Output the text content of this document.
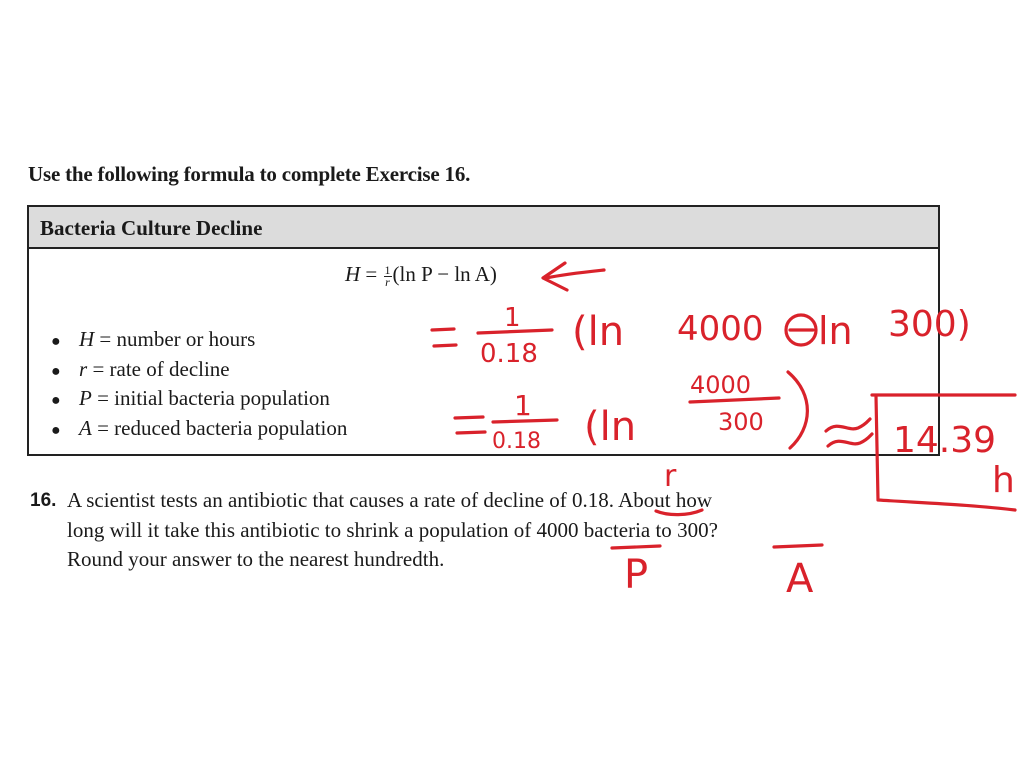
Use the following formula to complete Exercise 16.
Bacteria Culture Decline
$H = \frac{1}{r} (\ln$ P − ln A)
● H = number or hours
● r = rate of decline
● P = initial bacteria population
● A = reduced bacteria population
16. A scientist tests an antibiotic that causes a rate of decline of 0.18. About how
long will it take this antibiotic to shrink a population of 4000 bacteria to 300?
Round your answer to the nearest hundredth.
1
0.18 (ln 4000 ln 300)
1
0.18 (ln
4000
300	14.39
h
r
P	A
